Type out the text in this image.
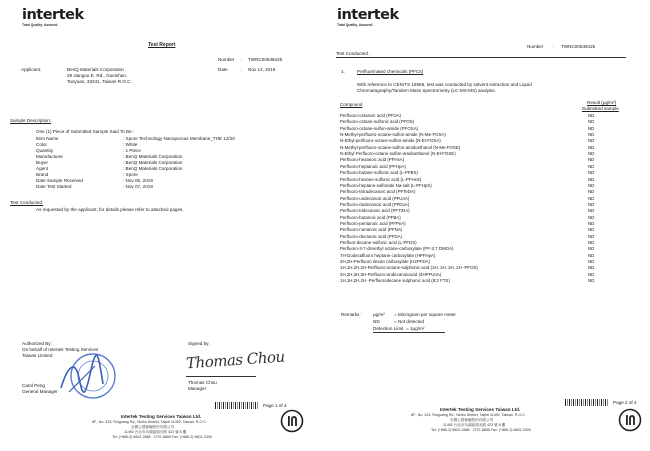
intertek
Total Quality. Assured.
Test Report
Number : TWNC00838425
Date	: Nov 13, 2019
Applicant:	BenQ Materials Corporation
29 Jianguo E. Rd., Gueishan,
Taoyuan, 33341, Taiwan R.O.C.
Sample Description:
One (1) Piece of Submitted Sample Said To Be :
Item Name	: Xpore Technology Nanoporous Membane_THE 12/20
Color	: White
Quantity	: 1 Piece
Manufacturer	: BenQ Materials Corporation
Buyer	: BenQ Materials Corporation
Agent	: BenQ Materials Corporation
Brand	: Xpore
Date Sample Received	: Nov 06, 2019
Date Test Started	: Nov 07, 2019
Test Conducted:
As requested by the applicant, for details please refer to attached pages.
Authorized By:
On behalf of Intertek Testing Services
Taiwan Limited
Carol Peng
General Manager
Signed by:
Thomas Chou
Thomas Chou
Manager
Page 1 of 4
Intertek Testing Services Taiwan Ltd.
8F., No. 423, Ruiguang Rd., Neihu District, Taipei 11492, Taiwan, R.O.C.
全國公證檢驗股份有限公司
11492 台北市內湖區瑞光路 423 號 8 樓
Tel: (+886-2) 6602-2888 · 2797-8885 Fax: (+886-2) 6602-2405
intertek
Total Quality. Assured.
Number : TWNC00838425
Test Conducted :
1.	Perfluorinated chemicals (PFCs)
With reference to CEN/TS 15968, test was conducted by solvent extraction and Liquid
Chromatography/Tandem Mass Spectrometry (LC-MS-MS) analysis.
Compound	Result (μg/m²)
Submitted sample
Perfluoro-octanoic acid (PFOA)	ND
Perfluoro-octane-sulfonic acid (PFOS)	ND
Perfluoro-octane-sulfon-amide (PFOSA)	ND
N-Methyl-perfluoro-octane-sulfon-amide (N-Me-FOSA)	ND
N-Ethyl-perfluoro-octane-sulfon-amide (N-Et-FOSA)	ND
N-Methyl-perfluoro-octane-sulfon-amidoethanol (N-Me-FOSE)	ND
N-Ethyl-Perfluoro-octane-sulfon-amidoethanol (N-Et-FOSE)	ND
Perfluoro-hexanoic acid (PFHxA)	ND
Perfluoro-heptanoic acid (PFHpA)	ND
Perfluoro-butane-sulfonic acid (L-PFBS)	ND
Perfluoro-hexane-sulfonic acid (L-PFHxS)	ND
Perfluoro-heptane-sulfonate Na-salt (L-PFHpS)	ND
Perfluoro-tetradecanoic acid (PFTeDA)	ND
Perfluoro-undecanoic acid (PFUnA)	ND
Perfluoro-dodecanoic acid (PFDoA)	ND
Perfluoro-tridecanoic acid (PFTrDA)	ND
Perfluoro-butanoic acid (PFBA)	ND
Perfluoro-pentanoic acid (PFPeA)	ND
Perfluoro-nonanoic acid (PFNA)	ND
Perfluoro-decanoic acid (PFDA)	ND
Perfluor-decane-sulfonic acid (L-PFDS)	ND
Perfluoro-3-7-dimethyl octane-carboxylate (PF-3,7 DMOA)	ND
7H-Dodecafluoro heptane carboxylate (HPFHpA)	ND
2H,2H-Perfluoro decan carboxylate (H2PFDA)	ND
1H,1H,2H,2H-Perfluoro-octane-sulphonic acid (1H, 1H, 2H, 2H -PFOS)	ND
2H,2H,3H,3H-Perfluoro-undecanoicacid (4HPFUnA)	ND
1H,1H,2H,2H -Perfluorodecane sulphonic acid (8:2 FTS)	ND
Remarks : μg/m² = Microgram per square meter
ND	= Not detected
Detection Limit = 1μg/m²
Page 2 of 4
Intertek Testing Services Taiwan Ltd.
8F., No. 423, Ruiguang Rd., Neihu District, Taipei 11492, Taiwan, R.O.C.
全國公證檢驗股份有限公司
11492 台北市內湖區瑞光路 423 號 8 樓
Tel: (+886-2) 6602-2888 · 2797-8885 Fax: (+886-2) 6602-2405
